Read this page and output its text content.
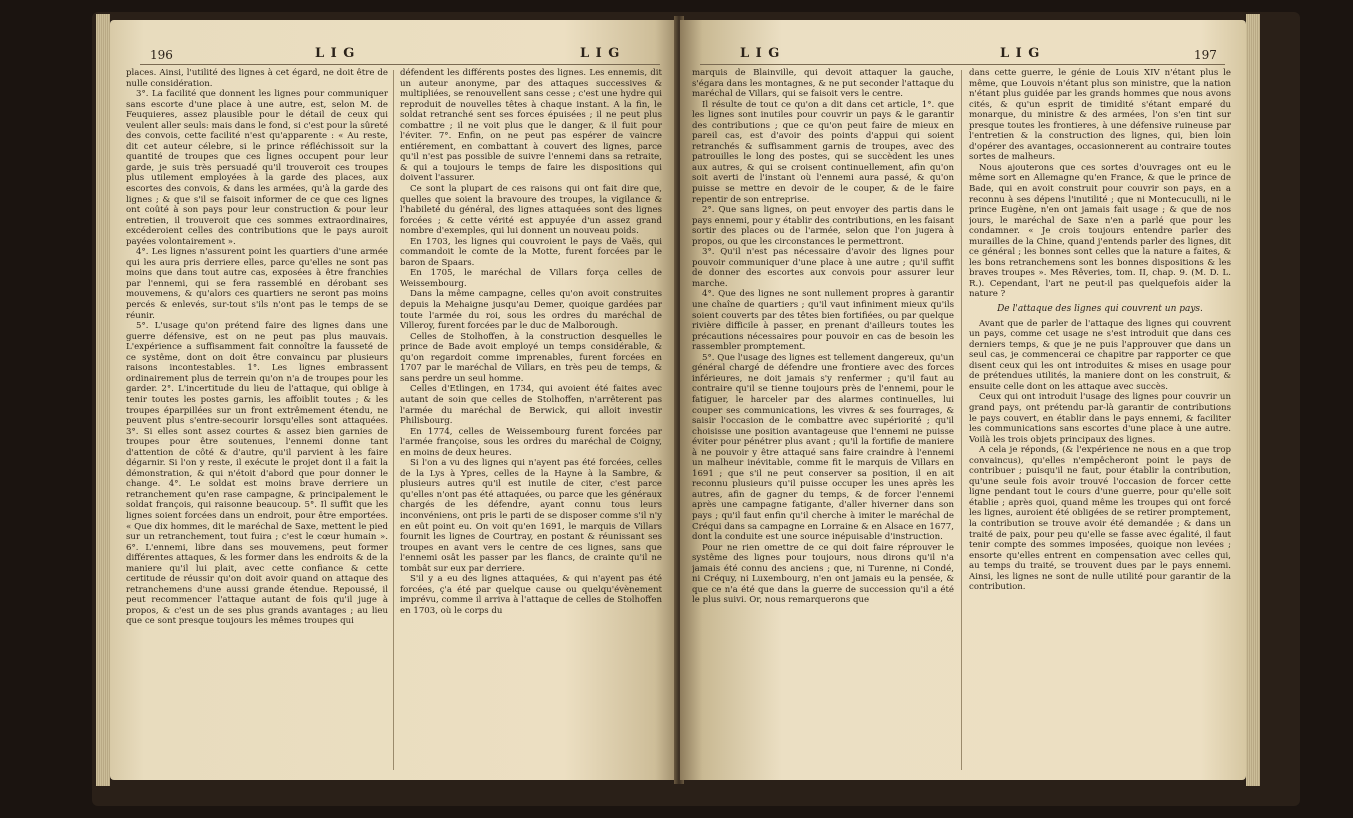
196	L I G	L I G

places. Ainsi, l'utilité des lignes à cet égard, ne doit être de nulle considération.

3°. La facilité que donnent les lignes pour communiquer sans escorte d'une place à une autre, est, selon M. de Feuquieres, assez plausible pour le détail de ceux qui veulent aller seuls: mais dans le fond, si c'est pour la sûreté des convois, cette facilité n'est qu'apparente : « Au reste, dit cet auteur célebre, si le prince réfléchissoit sur la quantité de troupes que ces lignes occupent pour leur garde, je suis très persuadé qu'il trouveroit ces troupes plus utilement employées à la garde des places, aux escortes des convois, & dans les armées, qu'à la garde des lignes ; & que s'il se faisoit informer de ce que ces lignes ont coûté à son pays pour leur construction & pour leur entretien, il trouveroit que ces sommes extraordinaires, excéderoient celles des contributions que le pays auroit payées volontairement ».

4°. Les lignes n'assurent point les quartiers d'une armée qui les aura pris derriere elles, parce qu'elles ne sont pas moins que dans tout autre cas, exposées à être franchies par l'ennemi, qui se fera rassemblé en dérobant ses mouvemens, & qu'alors ces quartiers ne seront pas moins percés & enlevés, sur-tout s'ils n'ont pas le temps de se réunir.

5°. L'usage qu'on prétend faire des lignes dans une guerre défensive, est on ne peut pas plus mauvais. L'expérience a suffisamment fait connoître la fausseté de ce systême, dont on doit être convaincu par plusieurs raisons incontestables. 1°. Les lignes embrassent ordinairement plus de terrein qu'on n'a de troupes pour les garder. 2°. L'incertitude du lieu de l'attaque, qui oblige à tenir toutes les postes garnis, les affoiblit toutes ; & les troupes éparpillées sur un front extrêmement étendu, ne peuvent plus s'entre-secourir lorsqu'elles sont attaquées. 3°. Si elles sont assez courtes & assez bien garnies de troupes pour être soutenues, l'ennemi donne tant d'attention de côté & d'autre, qu'il parvient à les faire dégarnir. Si l'on y reste, il exécute le projet dont il a fait la démonstration, & qui n'étoit d'abord que pour donner le change. 4°. Le soldat est moins brave derriere un retranchement qu'en rase campagne, & principalement le soldat françois, qui raisonne beaucoup. 5°. Il suffit que les lignes soient forcées dans un endroit, pour être emportées. « Que dix hommes, dit le maréchal de Saxe, mettent le pied sur un retranchement, tout fuira ; c'est le cœur humain ». 6°. L'ennemi, libre dans ses mouvemens, peut former différentes attaques, & les former dans les endroits & de la maniere qu'il lui plait, avec cette confiance & cette certitude de réussir qu'on doit avoir quand on attaque des retranchemens d'une aussi grande étendue. Repoussé, il peut recommencer l'attaque autant de fois qu'il juge à propos, & c'est un de ses plus grands avantages ; au lieu que ce sont presque toujours les mêmes troupes qui

défendent les différents postes des lignes. Les ennemis, dit un auteur anonyme, par des attaques successives & multipliées, se renouvellent sans cesse ; c'est une hydre qui reproduit de nouvelles têtes à chaque instant. A la fin, le soldat retranché sent ses forces épuisées ; il ne peut plus combattre ; il ne voit plus que le danger, & il fuit pour l'éviter. 7°. Enfin, on ne peut pas espérer de vaincre entiérement, en combattant à couvert des lignes, parce qu'il n'est pas possible de suivre l'ennemi dans sa retraite, & qui a toujours le temps de faire les dispositions qui doivent l'assurer.

Ce sont la plupart de ces raisons qui ont fait dire que, quelles que soient la bravoure des troupes, la vigilance & l'habileté du général, des lignes attaquées sont des lignes forcées ; & cette vérité est appuyée d'un assez grand nombre d'exemples, qui lui donnent un nouveau poids.

En 1703, les lignes qui couvroient le pays de Vaës, qui commandoit le comte de la Motte, furent forcées par le baron de Spaars.

En 1705, le maréchal de Villars força celles de Weissembourg.

Dans la même campagne, celles qu'on avoit construites depuis la Mehaigne jusqu'au Demer, quoique gardées par toute l'armée du roi, sous les ordres du maréchal de Villeroy, furent forcées par le duc de Malborough.

Celles de Stolhoffen, à la construction desquelles le prince de Bade avoit employé un temps considérable, & qu'on regardoit comme imprenables, furent forcées en 1707 par le maréchal de Villars, en très peu de temps, & sans perdre un seul homme.

Celles d'Etlingen, en 1734, qui avoient été faites avec autant de soin que celles de Stolhoffen, n'arrêterent pas l'armée du maréchal de Berwick, qui alloit investir Philisbourg.

En 1774, celles de Weissembourg furent forcées par l'armée françoise, sous les ordres du maréchal de Coigny, en moins de deux heures.

Si l'on a vu des lignes qui n'ayent pas été forcées, celles de la Lys à Ypres, celles de la Hayne à la Sambre, & plusieurs autres qu'il est inutile de citer, c'est parce qu'elles n'ont pas été attaquées, ou parce que les généraux chargés de les défendre, ayant connu tous leurs inconvéniens, ont pris le parti de se disposer comme s'il n'y en eût point eu. On voit qu'en 1691, le marquis de Villars fournit les lignes de Courtray, en postant & réunissant ses troupes en avant vers le centre de ces lignes, sans que l'ennemi osât les passer par les flancs, de crainte qu'il ne tombât sur eux par derriere.

S'il y a eu des lignes attaquées, & qui n'ayent pas été forcées, ç'a été par quelque cause ou quelqu'évènement imprévu, comme il arriva à l'attaque de celles de Stolhoffen en 1703, où le corps du

L I G	L I G	197

marquis de Blainville, qui devoit attaquer la gauche, s'égara dans les montagnes, & ne put seconder l'attaque du maréchal de Villars, qui se faisoit vers le centre.

Il résulte de tout ce qu'on a dit dans cet article, 1°. que les lignes sont inutiles pour couvrir un pays & le garantir des contributions ; que ce qu'on peut faire de mieux en pareil cas, est d'avoir des points d'appui qui soient retranchés & suffisamment garnis de troupes, avec des patrouilles le long des postes, qui se succèdent les unes aux autres, & qui se croisent continuellement, afin qu'on soit averti de l'instant où l'ennemi aura passé, & qu'on puisse se mettre en devoir de le couper, & de le faire repentir de son entreprise.

2°. Que sans lignes, on peut envoyer des partis dans le pays ennemi, pour y établir des contributions, en les faisant sortir des places ou de l'armée, selon que l'on jugera à propos, ou que les circonstances le permettront.

3°. Qu'il n'est pas nécessaire d'avoir des lignes pour pouvoir communiquer d'une place à une autre ; qu'il suffit de donner des escortes aux convois pour assurer leur marche.

4°. Que des lignes ne sont nullement propres à garantir une chaîne de quartiers ; qu'il vaut infiniment mieux qu'ils soient couverts par des têtes bien fortifiées, ou par quelque rivière difficile à passer, en prenant d'ailleurs toutes les précautions nécessaires pour pouvoir en cas de besoin les rassembler promptement.

5°. Que l'usage des lignes est tellement dangereux, qu'un général chargé de défendre une frontiere avec des forces inférieures, ne doit jamais s'y renfermer ; qu'il faut au contraire qu'il se tienne toujours près de l'ennemi, pour le fatiguer, le harceler par des alarmes continuelles, lui couper ses communications, les vivres & ses fourrages, & saisir l'occasion de le combattre avec supériorité ; qu'il choisisse une position avantageuse que l'ennemi ne puisse éviter pour pénétrer plus avant ; qu'il la fortifie de maniere à ne pouvoir y être attaqué sans faire craindre à l'ennemi un malheur inévitable, comme fit le marquis de Villars en 1691 ; que s'il ne peut conserver sa position, il en ait reconnu plusieurs qu'il puisse occuper les unes après les autres, afin de gagner du temps, & de forcer l'ennemi après une campagne fatigante, d'aller hiverner dans son pays ; qu'il faut enfin qu'il cherche à imiter le maréchal de Créqui dans sa campagne en Lorraine & en Alsace en 1677, dont la conduite est une source inépuisable d'instruction.

Pour ne rien omettre de ce qui doit faire réprouver le systême des lignes pour toujours, nous dirons qu'il n'a jamais été connu des anciens ; que, ni Turenne, ni Condé, ni Créquy, ni Luxembourg, n'en ont jamais eu la pensée, & que ce n'a été que dans la guerre de succession qu'il a été le plus suivi. Or, nous remarquerons que

dans cette guerre, le génie de Louis XIV n'étant plus le même, que Louvois n'étant plus son ministre, que la nation n'étant plus guidée par les grands hommes que nous avons cités, & qu'un esprit de timidité s'étant emparé du monarque, du ministre & des armées, l'on s'en tint sur presque toutes les frontieres, à une défensive ruineuse par l'entretien & la construction des lignes, qui, bien loin d'opérer des avantages, occasionnerent au contraire toutes sortes de malheurs.

Nous ajouterons que ces sortes d'ouvrages ont eu le même sort en Allemagne qu'en France, & que le prince de Bade, qui en avoit construit pour couvrir son pays, en a reconnu à ses dépens l'inutilité ; que ni Montecuculli, ni le prince Eugène, n'en ont jamais fait usage ; & que de nos jours, le maréchal de Saxe n'en a parlé que pour les condamner. « Je crois toujours entendre parler des murailles de la Chine, quand j'entends parler des lignes, dit ce général ; les bonnes sont celles que la nature a faites, & les bons retranchemens sont les bonnes dispositions & les braves troupes ». Mes Rêveries, tom. II, chap. 9. (M. D. L. R.). Cependant, l'art ne peut-il pas quelquefois aider la nature ?

De l'attaque des lignes qui couvrent un pays.

Avant que de parler de l'attaque des lignes qui couvrent un pays, comme cet usage ne s'est introduit que dans ces derniers temps, & que je ne puis l'approuver que dans un seul cas, je commencerai ce chapitre par rapporter ce que disent ceux qui les ont introduites & mises en usage pour de prétendues utilités, la maniere dont on les construit, & ensuite celle dont on les attaque avec succès.

Ceux qui ont introduit l'usage des lignes pour couvrir un grand pays, ont prétendu par-là garantir de contributions le pays couvert, en établir dans le pays ennemi, & faciliter les communications sans escortes d'une place à une autre. Voilà les trois objets principaux des lignes.

A cela je réponds, (& l'expérience ne nous en a que trop convaincus), qu'elles n'empêcheront point le pays de contribuer ; puisqu'il ne faut, pour établir la contribution, qu'une seule fois avoir trouvé l'occasion de forcer cette ligne pendant tout le cours d'une guerre, pour qu'elle soit établie ; après quoi, quand même les troupes qui ont forcé les lignes, auroient été obligées de se retirer promptement, la contribution se trouve avoir été demandée ; & dans un traité de paix, pour peu qu'elle se fasse avec égalité, il faut tenir compte des sommes imposées, quoique non levées ; ensorte qu'elles entrent en compensation avec celles qui, au temps du traité, se trouvent dues par le pays ennemi. Ainsi, les lignes ne sont de nulle utilité pour garantir de la contribution.
